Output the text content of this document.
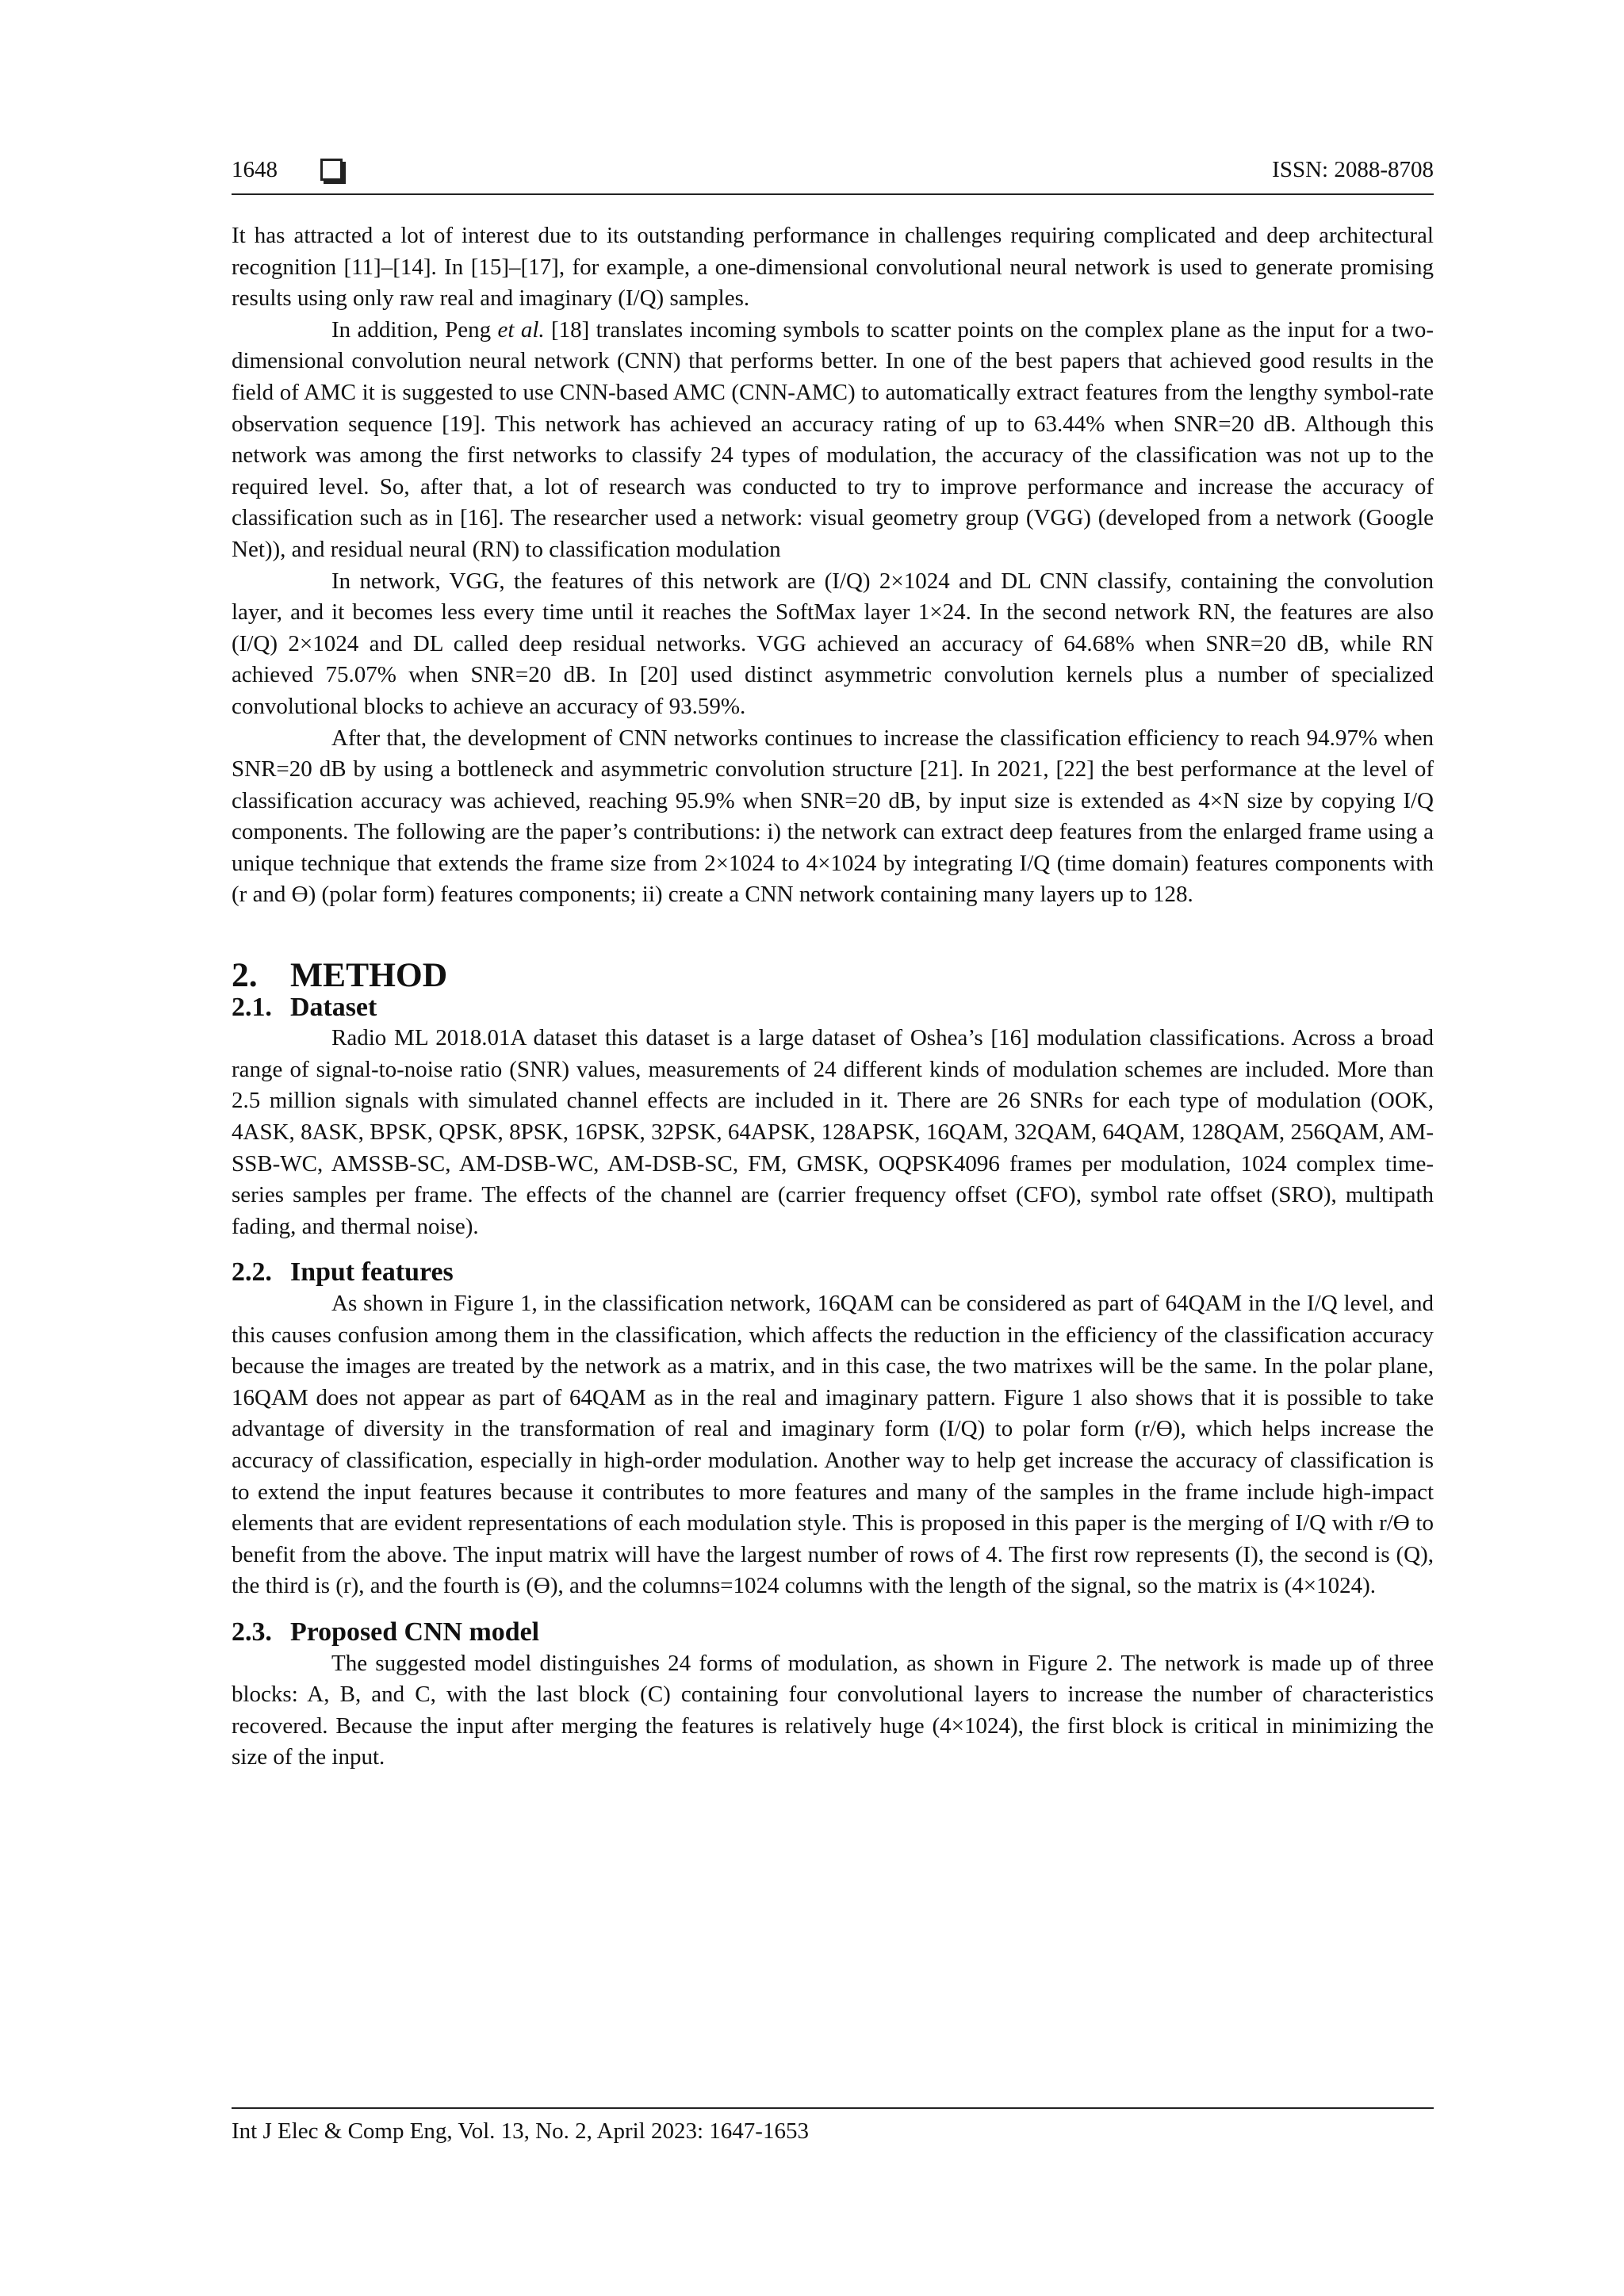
1648	ISSN: 2088-8708

It has attracted a lot of interest due to its outstanding performance in challenges requiring complicated and deep architectural recognition [11]–[14]. In [15]–[17], for example, a one-dimensional convolutional neural network is used to generate promising results using only raw real and imaginary (I/Q) samples.

In addition, Peng et al. [18] translates incoming symbols to scatter points on the complex plane as the input for a two-dimensional convolution neural network (CNN) that performs better. In one of the best papers that achieved good results in the field of AMC it is suggested to use CNN-based AMC (CNN-AMC) to automatically extract features from the lengthy symbol-rate observation sequence [19]. This network has achieved an accuracy rating of up to 63.44% when SNR=20 dB. Although this network was among the first networks to classify 24 types of modulation, the accuracy of the classification was not up to the required level. So, after that, a lot of research was conducted to try to improve performance and increase the accuracy of classification such as in [16]. The researcher used a network: visual geometry group (VGG) (developed from a network (Google Net)), and residual neural (RN) to classification modulation

In network, VGG, the features of this network are (I/Q) 2×1024 and DL CNN classify, containing the convolution layer, and it becomes less every time until it reaches the SoftMax layer 1×24. In the second network RN, the features are also (I/Q) 2×1024 and DL called deep residual networks. VGG achieved an accuracy of 64.68% when SNR=20 dB, while RN achieved 75.07% when SNR=20 dB. In [20] used distinct asymmetric convolution kernels plus a number of specialized convolutional blocks to achieve an accuracy of 93.59%.

After that, the development of CNN networks continues to increase the classification efficiency to reach 94.97% when SNR=20 dB by using a bottleneck and asymmetric convolution structure [21]. In 2021, [22] the best performance at the level of classification accuracy was achieved, reaching 95.9% when SNR=20 dB, by input size is extended as 4×N size by copying I/Q components. The following are the paper’s contributions: i) the network can extract deep features from the enlarged frame using a unique technique that extends the frame size from 2×1024 to 4×1024 by integrating I/Q (time domain) features components with (r and Ө) (polar form) features components; ii) create a CNN network containing many layers up to 128.

2. METHOD
2.1. Dataset

Radio ML 2018.01A dataset this dataset is a large dataset of Oshea’s [16] modulation classifications. Across a broad range of signal-to-noise ratio (SNR) values, measurements of 24 different kinds of modulation schemes are included. More than 2.5 million signals with simulated channel effects are included in it. There are 26 SNRs for each type of modulation (OOK, 4ASK, 8ASK, BPSK, QPSK, 8PSK, 16PSK, 32PSK, 64APSK, 128APSK, 16QAM, 32QAM, 64QAM, 128QAM, 256QAM, AM-SSB-WC, AMSSB-SC, AM-DSB-WC, AM-DSB-SC, FM, GMSK, OQPSK4096 frames per modulation, 1024 complex time-series samples per frame. The effects of the channel are (carrier frequency offset (CFO), symbol rate offset (SRO), multipath fading, and thermal noise).

2.2. Input features

As shown in Figure 1, in the classification network, 16QAM can be considered as part of 64QAM in the I/Q level, and this causes confusion among them in the classification, which affects the reduction in the efficiency of the classification accuracy because the images are treated by the network as a matrix, and in this case, the two matrixes will be the same. In the polar plane, 16QAM does not appear as part of 64QAM as in the real and imaginary pattern. Figure 1 also shows that it is possible to take advantage of diversity in the transformation of real and imaginary form (I/Q) to polar form (r/Ө), which helps increase the accuracy of classification, especially in high-order modulation. Another way to help get increase the accuracy of classification is to extend the input features because it contributes to more features and many of the samples in the frame include high-impact elements that are evident representations of each modulation style. This is proposed in this paper is the merging of I/Q with r/Ө to benefit from the above. The input matrix will have the largest number of rows of 4. The first row represents (I), the second is (Q), the third is (r), and the fourth is (Ө), and the columns=1024 columns with the length of the signal, so the matrix is (4×1024).

2.3. Proposed CNN model

The suggested model distinguishes 24 forms of modulation, as shown in Figure 2. The network is made up of three blocks: A, B, and C, with the last block (C) containing four convolutional layers to increase the number of characteristics recovered. Because the input after merging the features is relatively huge (4×1024), the first block is critical in minimizing the size of the input.

Int J Elec & Comp Eng, Vol. 13, No. 2, April 2023: 1647-1653
